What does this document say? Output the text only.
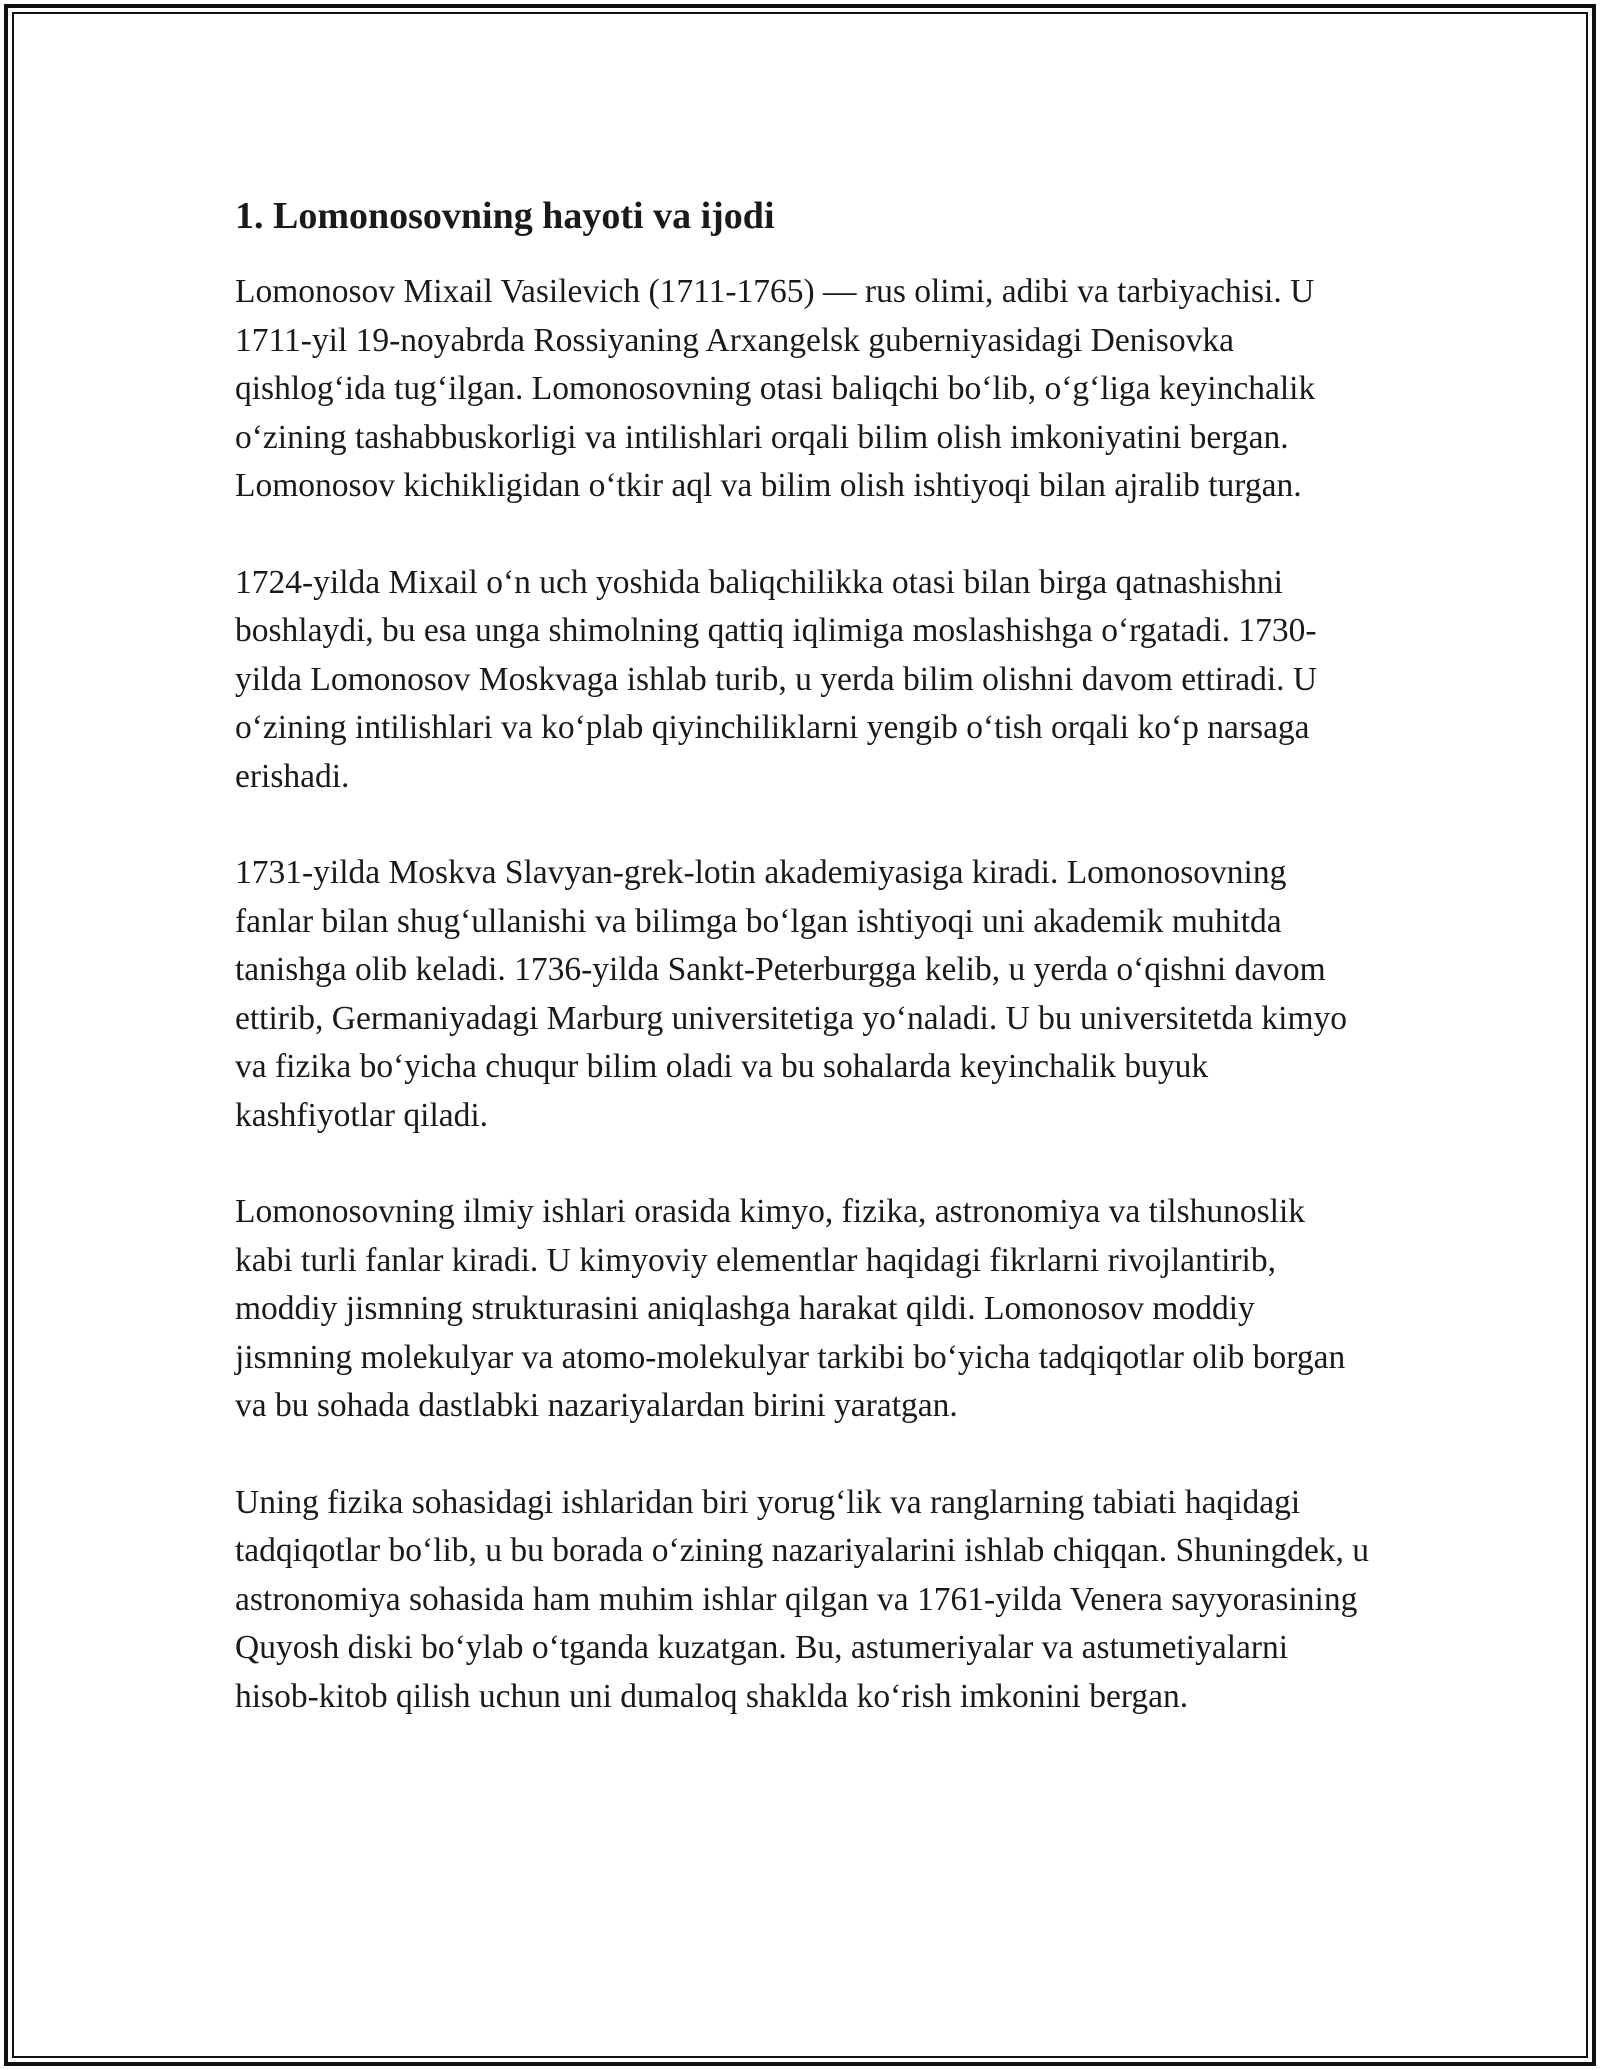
1. Lomonosovning hayoti va ijodi

Lomonosov Mixail Vasilevich (1711-1765) — rus olimi, adibi va tarbiyachisi. U 1711-yil 19-noyabrda Rossiyaning Arxangelsk guberniyasidagi Denisovka qishlog‘ida tug‘ilgan. Lomonosovning otasi baliqchi bo‘lib, o‘g‘liga keyinchalik o‘zining tashabbuskorligi va intilishlari orqali bilim olish imkoniyatini bergan. Lomonosov kichikligidan o‘tkir aql va bilim olish ishtiyoqi bilan ajralib turgan.

1724-yilda Mixail o‘n uch yoshida baliqchilikka otasi bilan birga qatnashishni boshlaydi, bu esa unga shimolning qattiq iqlimiga moslashishga o‘rgatadi. 1730-yilda Lomonosov Moskvaga ishlab turib, u yerda bilim olishni davom ettiradi. U o‘zining intilishlari va ko‘plab qiyinchiliklarni yengib o‘tish orqali ko‘p narsaga erishadi.

1731-yilda Moskva Slavyan-grek-lotin akademiyasiga kiradi. Lomonosovning fanlar bilan shug‘ullanishi va bilimga bo‘lgan ishtiyoqi uni akademik muhitda tanishga olib keladi. 1736-yilda Sankt-Peterburgga kelib, u yerda o‘qishni davom ettirib, Germaniyadagi Marburg universitetiga yo‘naladi. U bu universitetda kimyo va fizika bo‘yicha chuqur bilim oladi va bu sohalarda keyinchalik buyuk kashfiyotlar qiladi.

Lomonosovning ilmiy ishlari orasida kimyo, fizika, astronomiya va tilshunoslik kabi turli fanlar kiradi. U kimyoviy elementlar haqidagi fikrlarni rivojlantirib, moddiy jismning strukturasini aniqlashga harakat qildi. Lomonosov moddiy jismning molekulyar va atomo-molekulyar tarkibi bo‘yicha tadqiqotlar olib borgan va bu sohada dastlabki nazariyalardan birini yaratgan.

Uning fizika sohasidagi ishlaridan biri yorug‘lik va ranglarning tabiati haqidagi tadqiqotlar bo‘lib, u bu borada o‘zining nazariyalarini ishlab chiqqan. Shuningdek, u astronomiya sohasida ham muhim ishlar qilgan va 1761-yilda Venera sayyorasining Quyosh diski bo‘ylab o‘tganda kuzatgan. Bu, astumeriyalar va astumetiyalarni hisob-kitob qilish uchun uni dumaloq shaklda ko‘rish imkonini bergan.
